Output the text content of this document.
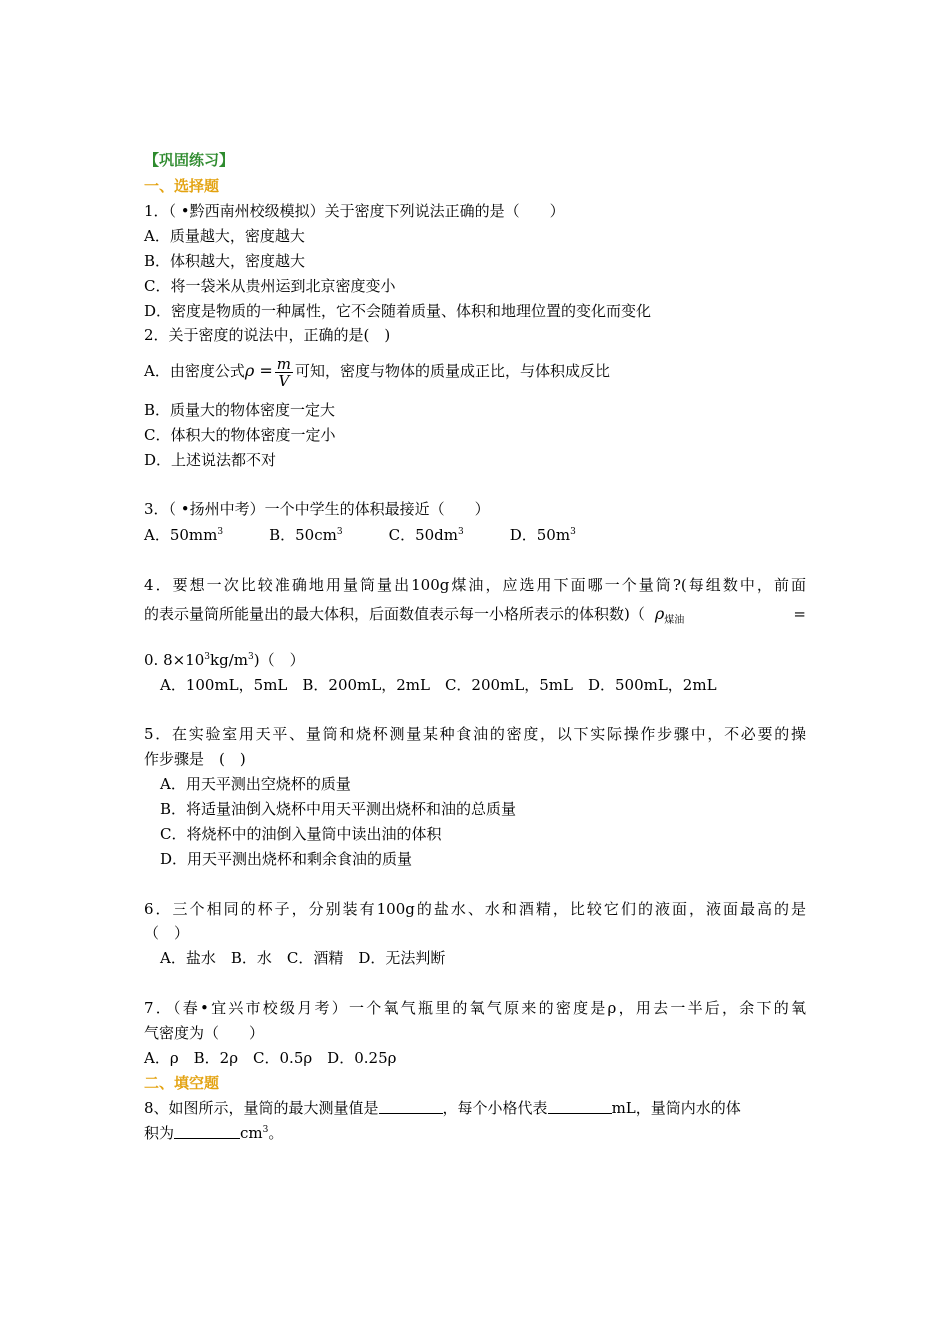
【巩固练习】
一、选择题
1．（ •黔西南州校级模拟）关于密度下列说法正确的是（　　）
A．质量越大，密度越大
B．体积越大，密度越大
C．将一袋米从贵州运到北京密度变小
D．密度是物质的一种属性，它不会随着质量、体积和地理位置的变化而变化
2．关于密度的说法中，正确的是(　)
A．由密度公式$\rho = \frac{m}{V}$ 可知，密度与物体的质量成正比，与体积成反比
B．质量大的物体密度一定大
C．体积大的物体密度一定小
D．上述说法都不对
3．（ •扬州中考）一个中学生的体积最接近（　　）
A．$50mm^3$	B．$50cm^3$	C．$50dm^3$	D．$50m^3$
4．要想一次比较准确地用量筒量出100g煤油，应选用下面哪一个量筒?(每组数中，前面
的表示量筒所能量出的最大体积，后面数值表示每一小格所表示的体积数)（ $\rho_{煤油}$	=
0. $8\times 10^3kg/m^3$)（　）
A．100mL，5mL　B．200mL，2mL　C．200mL，5mL　D．500mL，2mL
5．在实验室用天平、量筒和烧杯测量某种食油的密度，以下实际操作步骤中，不必要的操
作步骤是　(　)
A．用天平测出空烧杯的质量
B．将适量油倒入烧杯中用天平测出烧杯和油的总质量
C．将烧杯中的油倒入量筒中读出油的体积
D．用天平测出烧杯和剩余食油的质量
6．三个相同的杯子，分别装有100g的盐水、水和酒精，比较它们的液面，液面最高的是
（　）
A．盐水　B．水　C．酒精　D．无法判断
7．（春•宜兴市校级月考）一个氧气瓶里的氧气原来的密度是ρ，用去一半后，余下的氧
气密度为（　　）
A．ρ　B．2ρ　C．0.5ρ　D．0.25ρ
二、填空题
8、如图所示，量筒的最大测量值是	，每个小格代表	mL，量筒内水的体
积为	$cm^3$。
